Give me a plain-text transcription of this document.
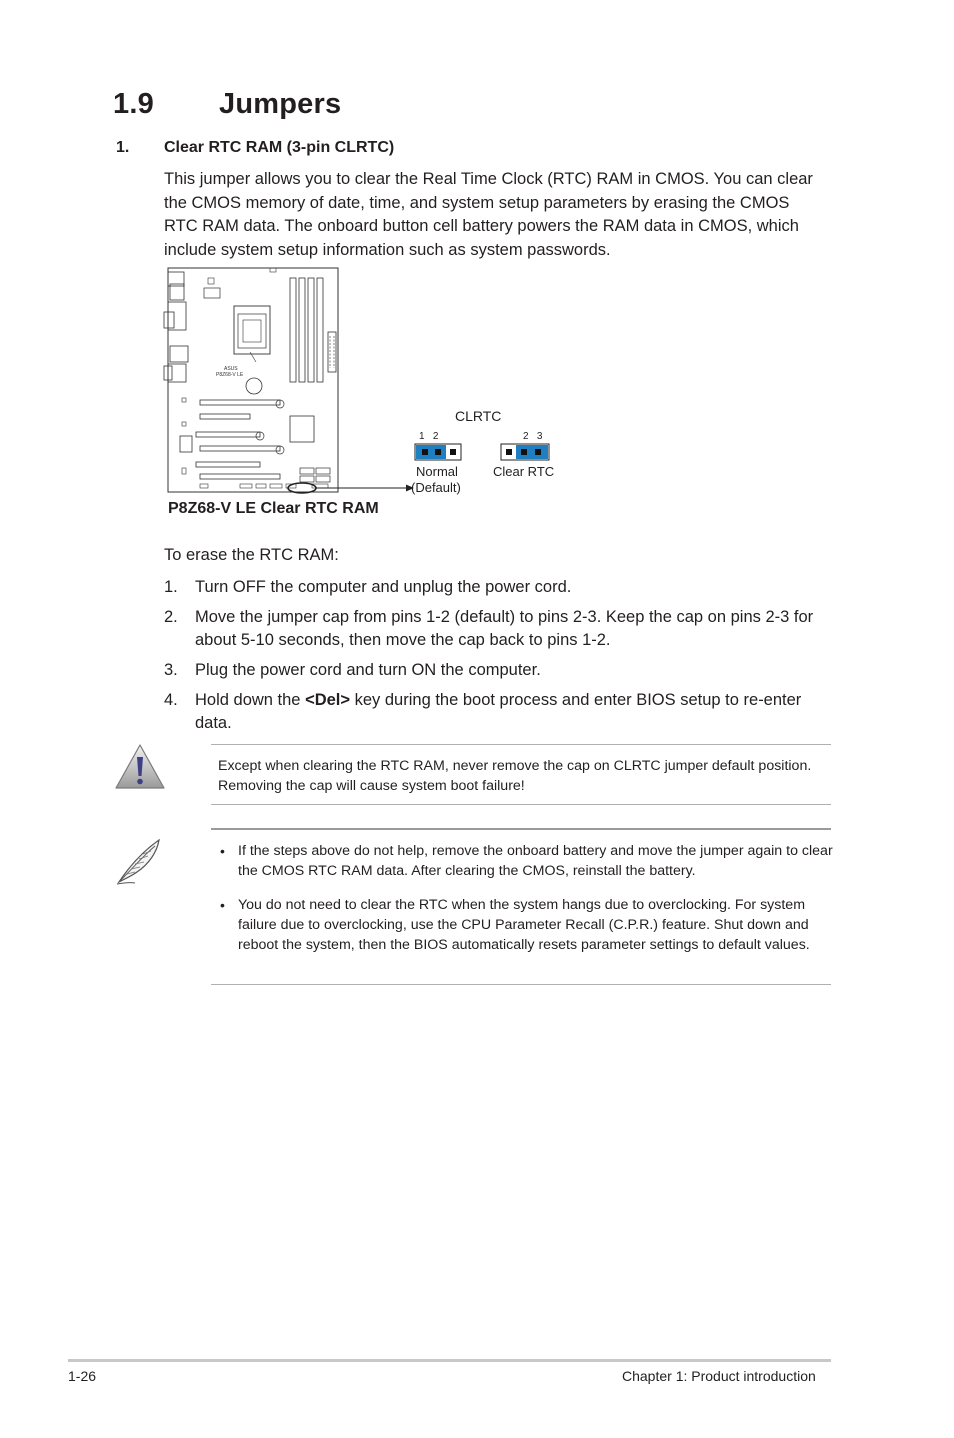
1.9 Jumpers
1. Clear RTC RAM (3-pin CLRTC)
This jumper allows you to clear the Real Time Clock (RTC) RAM in CMOS. You can clear the CMOS memory of date, time, and system setup parameters by erasing the CMOS RTC RAM data. The onboard button cell battery powers the RAM data in CMOS, which include system setup information such as system passwords.
ASUS
P8Z68-V LE
CLRTC
1   2	2   3
Normal
(Default)
Clear RTC
P8Z68-V LE Clear RTC RAM
To erase the RTC RAM:
1. Turn OFF the computer and unplug the power cord.
2. Move the jumper cap from pins 1-2 (default) to pins 2-3. Keep the cap on pins 2-3 for about 5-10 seconds, then move the cap back to pins 1-2.
3. Plug the power cord and turn ON the computer.
4. Hold down the <Del> key during the boot process and enter BIOS setup to re-enter data.
Except when clearing the RTC RAM, never remove the cap on CLRTC jumper default position. Removing the cap will cause system boot failure!
• If the steps above do not help, remove the onboard battery and move the jumper again to clear the CMOS RTC RAM data. After clearing the CMOS, reinstall the battery.
• You do not need to clear the RTC when the system hangs due to overclocking. For system failure due to overclocking, use the CPU Parameter Recall (C.P.R.) feature. Shut down and reboot the system, then the BIOS automatically resets parameter settings to default values.
1-26	Chapter 1: Product introduction
